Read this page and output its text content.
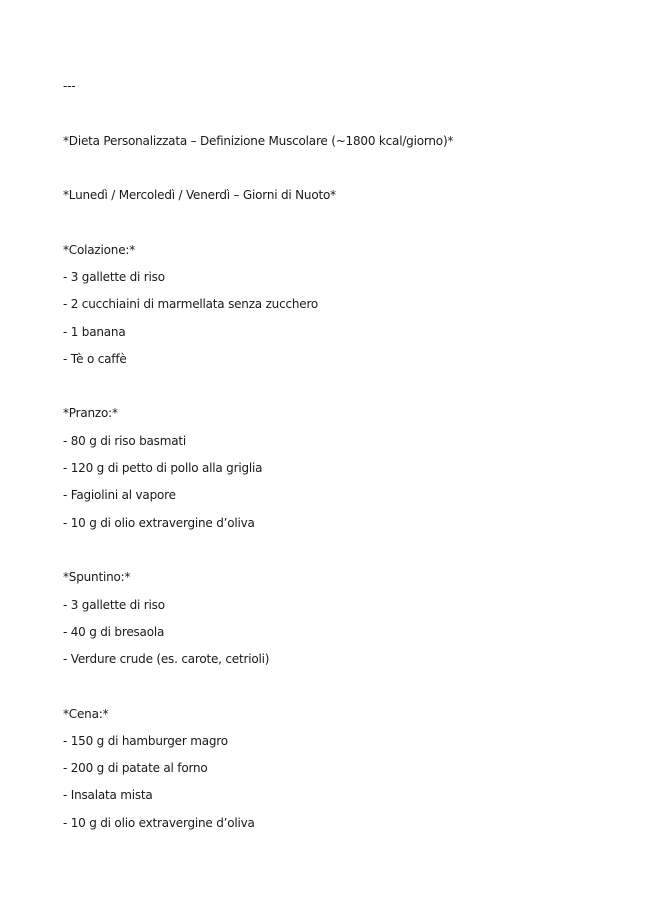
---
*Dieta Personalizzata – Definizione Muscolare (~1800 kcal/giorno)*
*Lunedì / Mercoledì / Venerdì – Giorni di Nuoto*
*Colazione:*
- 3 gallette di riso
- 2 cucchiaini di marmellata senza zucchero
- 1 banana
- Tè o caffè
*Pranzo:*
- 80 g di riso basmati
- 120 g di petto di pollo alla griglia
- Fagiolini al vapore
- 10 g di olio extravergine d’oliva
*Spuntino:*
- 3 gallette di riso
- 40 g di bresaola
- Verdure crude (es. carote, cetrioli)
*Cena:*
- 150 g di hamburger magro
- 200 g di patate al forno
- Insalata mista
- 10 g di olio extravergine d’oliva
